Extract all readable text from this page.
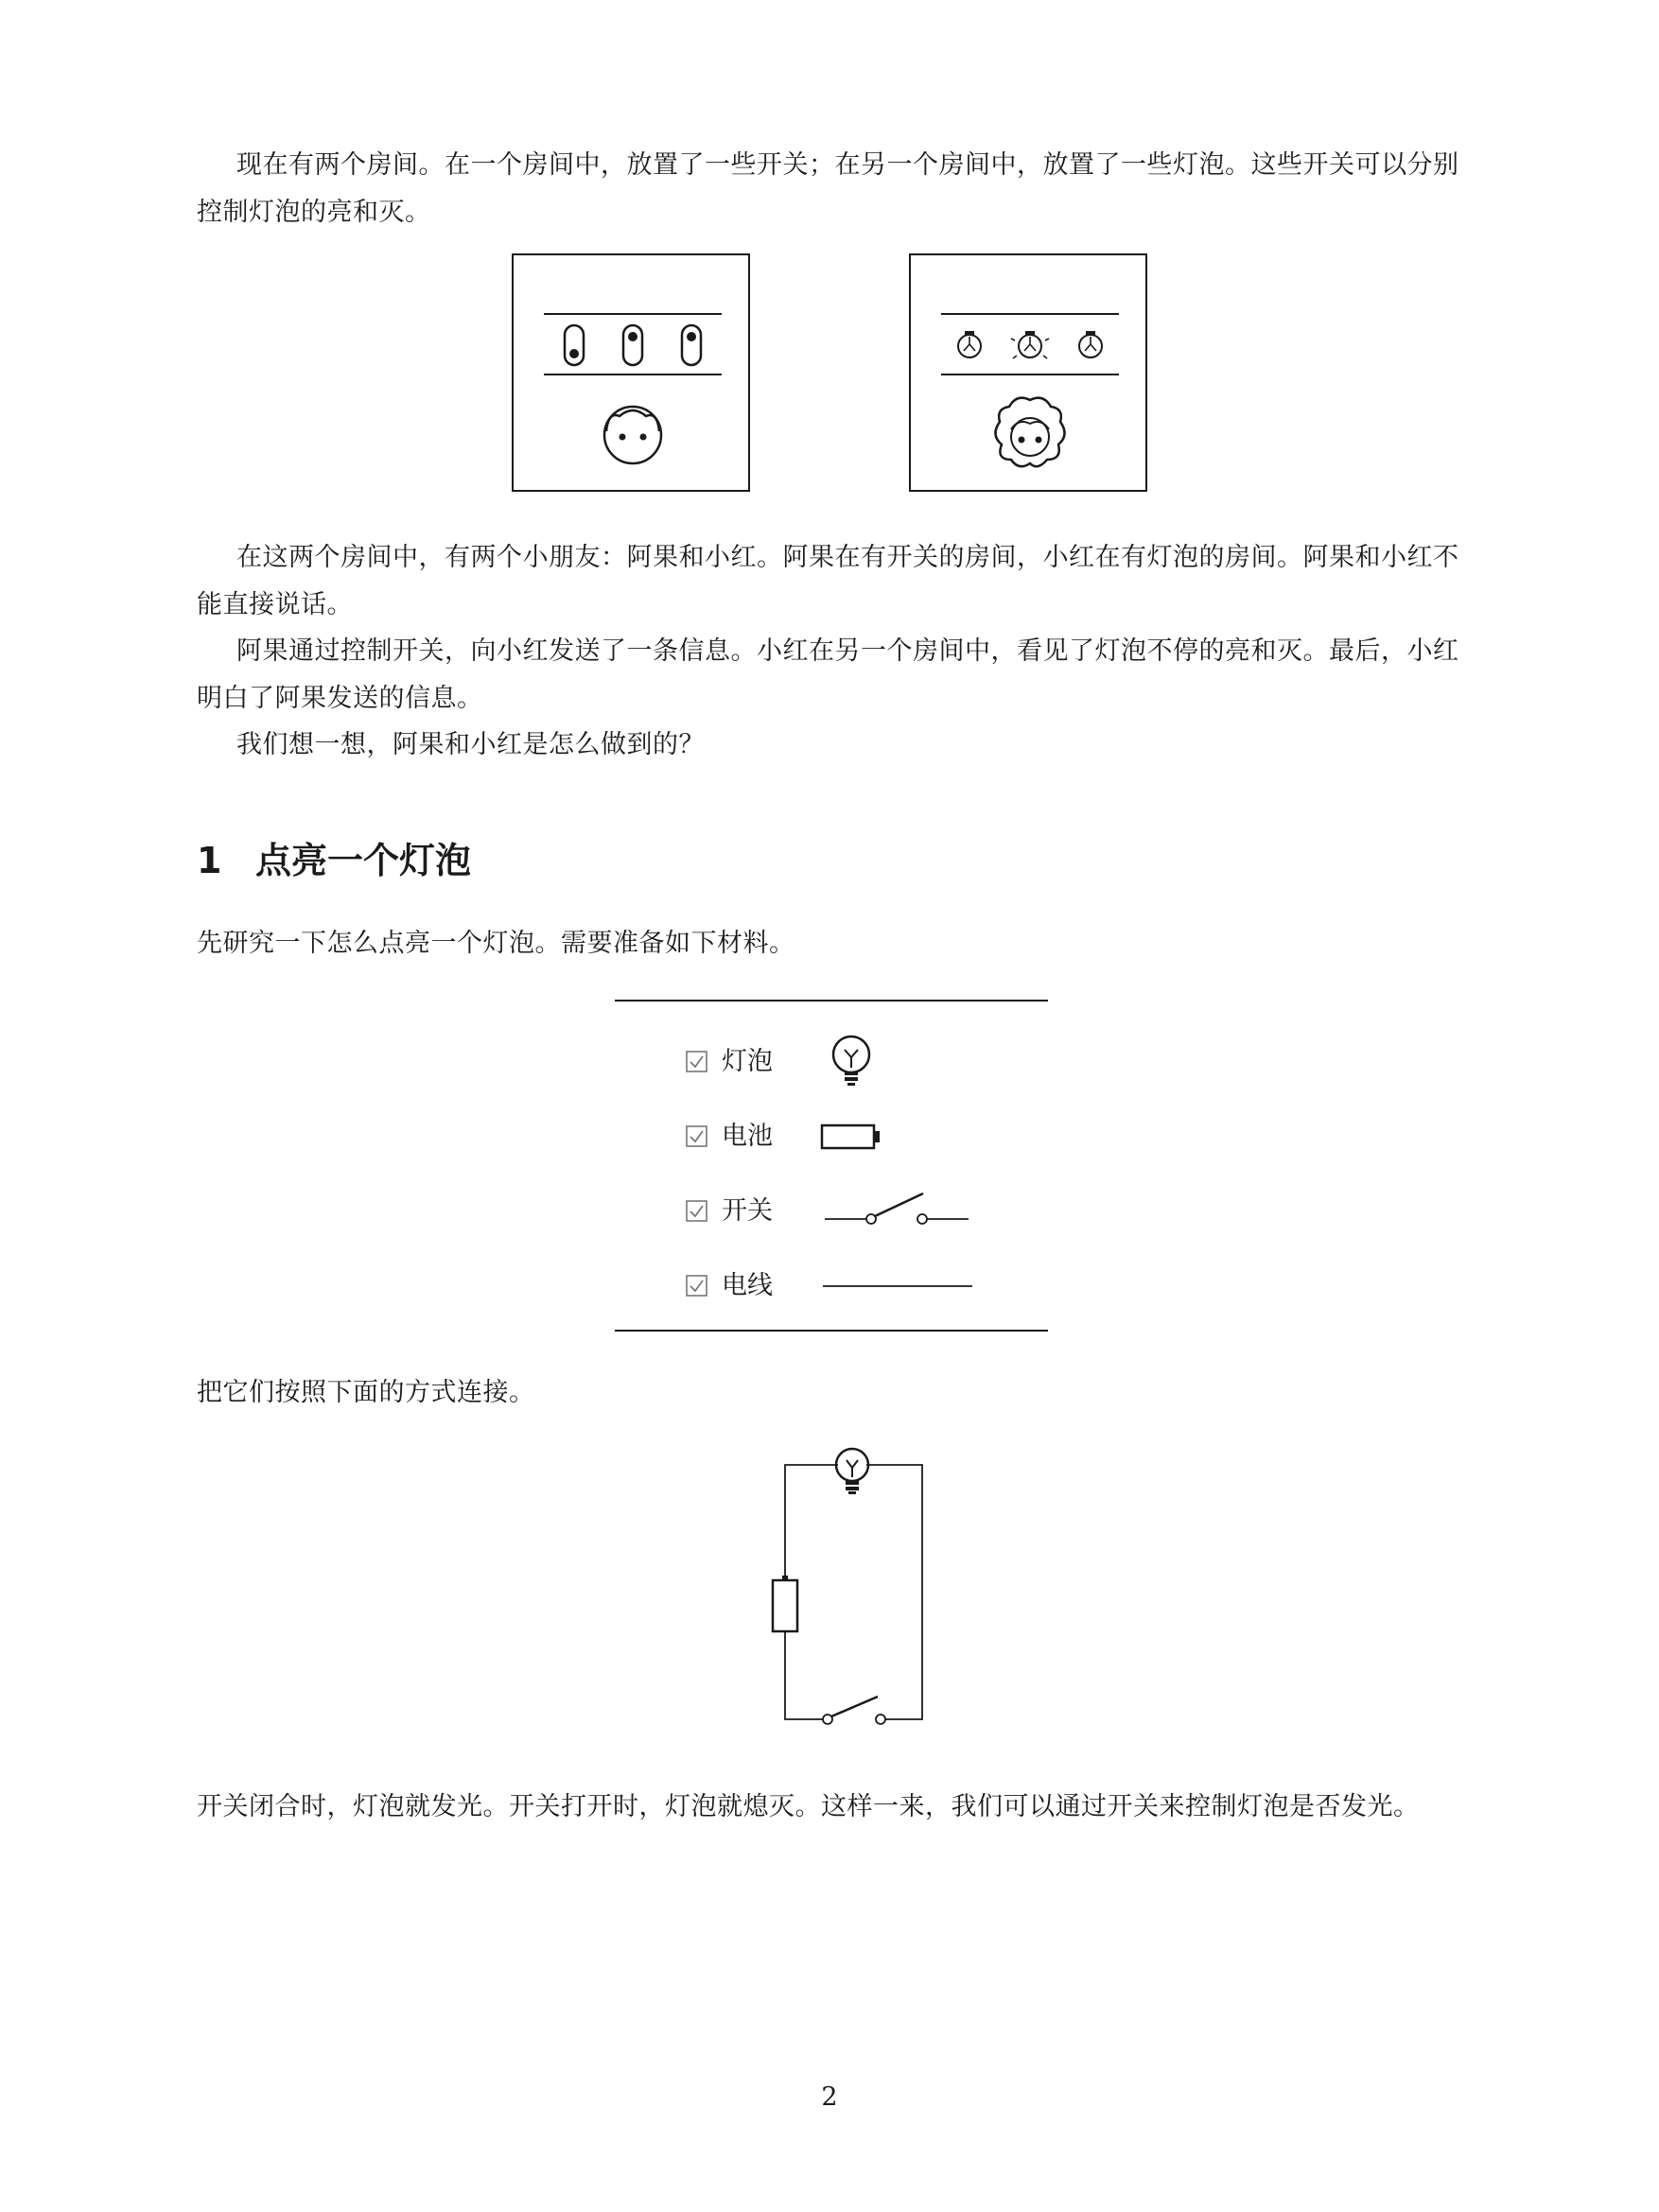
现在有两个房间。在一个房间中，放置了一些开关；在另一个房间中，放置了一些灯泡。这些开关可以分别控制灯泡的亮和灭。

在这两个房间中，有两个小朋友：阿果和小红。阿果在有开关的房间，小红在有灯泡的房间。阿果和小红不能直接说话。

阿果通过控制开关，向小红发送了一条信息。小红在另一个房间中，看见了灯泡不停的亮和灭。最后，小红明白了阿果发送的信息。

我们想一想，阿果和小红是怎么做到的？

1 点亮一个灯泡

先研究一下怎么点亮一个灯泡。需要准备如下材料。

灯泡
电池
开关
电线

把它们按照下面的方式连接。

开关闭合时，灯泡就发光。开关打开时，灯泡就熄灭。这样一来，我们可以通过开关来控制灯泡是否发光。

2
